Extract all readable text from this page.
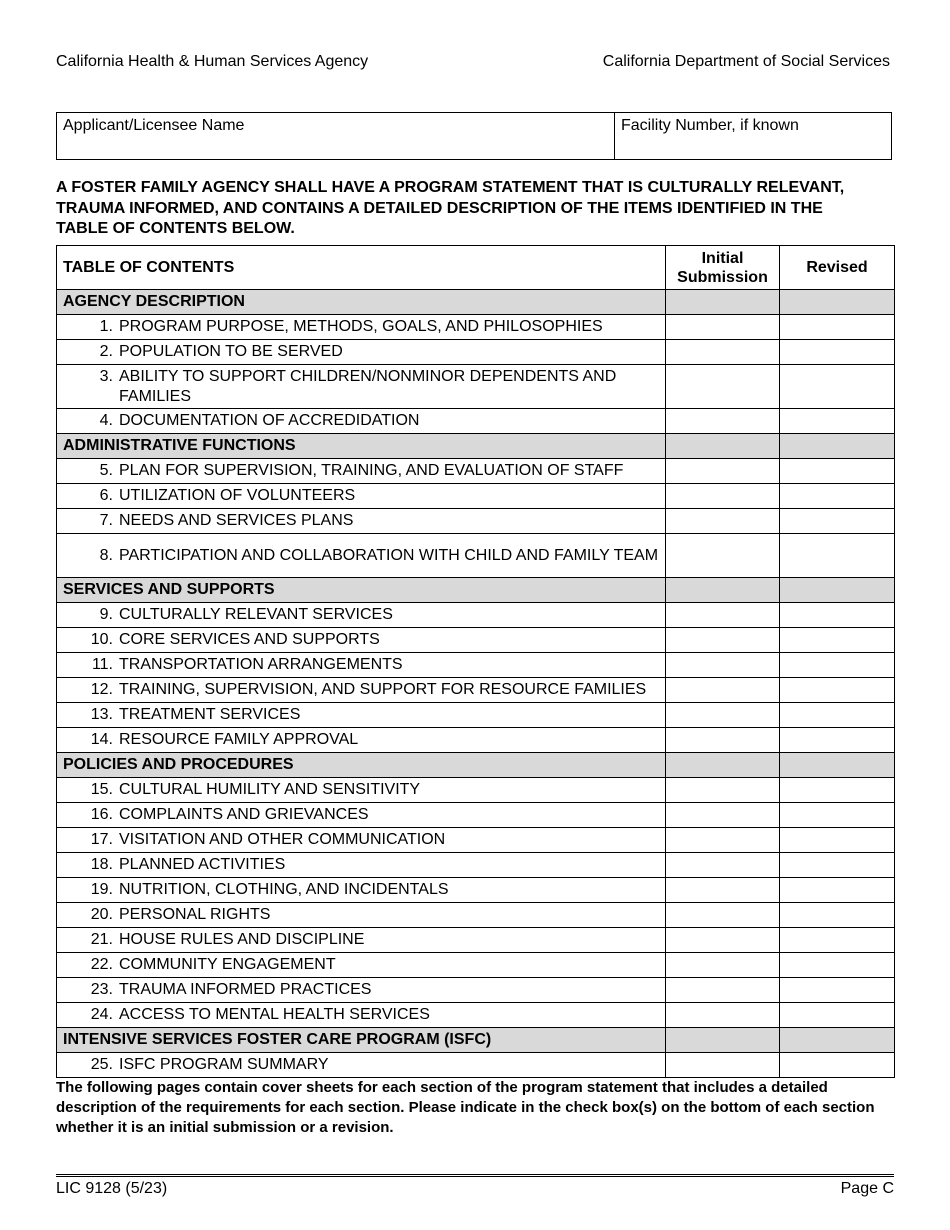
California Health & Human Services Agency	California Department of Social Services
Applicant/Licensee Name	Facility Number, if known
A FOSTER FAMILY AGENCY SHALL HAVE A PROGRAM STATEMENT THAT IS CULTURALLY RELEVANT, TRAUMA INFORMED, AND CONTAINS A DETAILED DESCRIPTION OF THE ITEMS IDENTIFIED IN THE TABLE OF CONTENTS BELOW.
TABLE OF CONTENTS	Initial Submission	Revised
AGENCY DESCRIPTION		

1. PROGRAM PURPOSE, METHODS, GOALS, AND PHILOSOPHIES		

2. POPULATION TO BE SERVED		

3. ABILITY TO SUPPORT CHILDREN/NONMINOR DEPENDENTS AND FAMILIES		

4. DOCUMENTATION OF ACCREDIDATION		

ADMINISTRATIVE FUNCTIONS		

5. PLAN FOR SUPERVISION, TRAINING, AND EVALUATION OF STAFF		

6. UTILIZATION OF VOLUNTEERS		

7. NEEDS AND SERVICES PLANS		

8. PARTICIPATION AND COLLABORATION WITH CHILD AND FAMILY TEAM		

SERVICES AND SUPPORTS		

9. CULTURALLY RELEVANT SERVICES		

10. CORE SERVICES AND SUPPORTS		

11. TRANSPORTATION ARRANGEMENTS		

12. TRAINING, SUPERVISION, AND SUPPORT FOR RESOURCE FAMILIES		

13. TREATMENT SERVICES		

14. RESOURCE FAMILY APPROVAL		

POLICIES AND PROCEDURES		

15. CULTURAL HUMILITY AND SENSITIVITY		

16. COMPLAINTS AND GRIEVANCES		

17. VISITATION AND OTHER COMMUNICATION		

18. PLANNED ACTIVITIES		

19. NUTRITION, CLOTHING, AND INCIDENTALS		

20. PERSONAL RIGHTS		

21. HOUSE RULES AND DISCIPLINE		

22. COMMUNITY ENGAGEMENT		

23. TRAUMA INFORMED PRACTICES		

24. ACCESS TO MENTAL HEALTH SERVICES		

INTENSIVE SERVICES FOSTER CARE PROGRAM (ISFC)		

25. ISFC PROGRAM SUMMARY		

The following pages contain cover sheets for each section of the program statement that includes a detailed description of the requirements for each section. Please indicate in the check box(s) on the bottom of each section whether it is an initial submission or a revision.
LIC 9128 (5/23)	Page C
